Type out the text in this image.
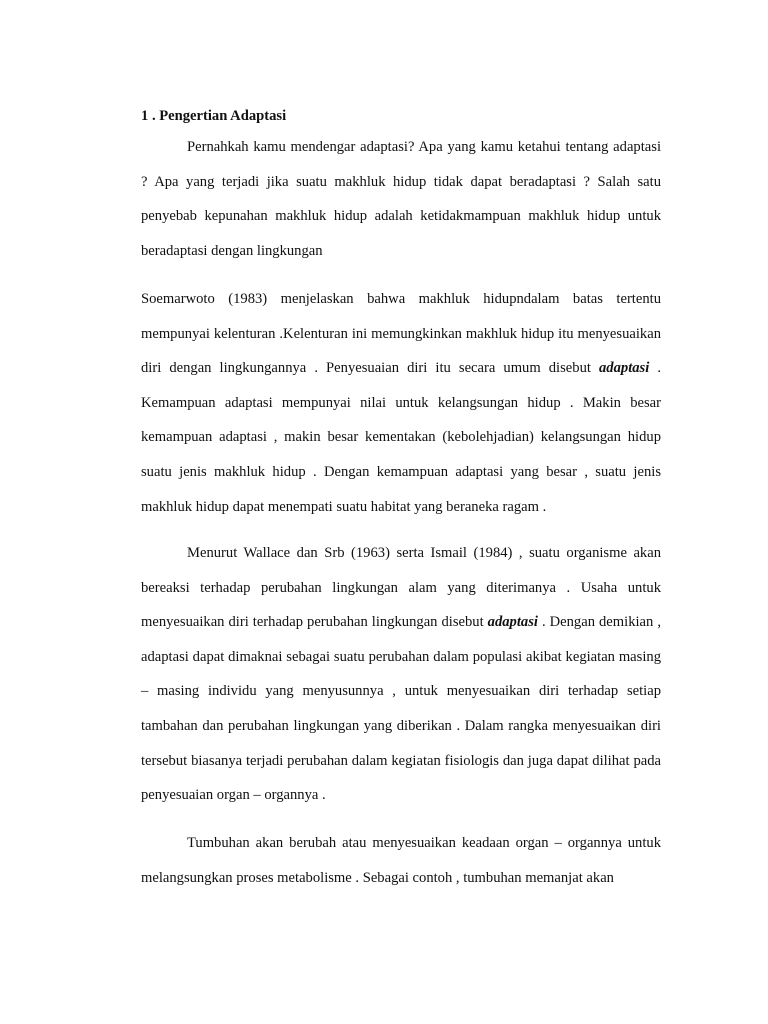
1 . Pengertian Adaptasi

Pernahkah kamu mendengar adaptasi? Apa yang kamu ketahui tentang adaptasi ? Apa yang terjadi jika suatu makhluk hidup tidak dapat beradaptasi ? Salah satu penyebab kepunahan makhluk hidup adalah ketidakmampuan makhluk hidup untuk beradaptasi dengan lingkungan

Soemarwoto (1983) menjelaskan bahwa makhluk hidupndalam batas tertentu mempunyai kelenturan .Kelenturan ini memungkinkan makhluk hidup itu menyesuaikan diri dengan lingkungannya . Penyesuaian diri itu secara umum disebut adaptasi . Kemampuan adaptasi mempunyai nilai untuk kelangsungan hidup . Makin besar kemampuan adaptasi , makin besar kementakan (kebolehjadian) kelangsungan hidup suatu jenis makhluk hidup . Dengan kemampuan adaptasi yang besar , suatu jenis makhluk hidup dapat menempati suatu habitat yang beraneka ragam .

Menurut Wallace dan Srb (1963) serta Ismail (1984) , suatu organisme akan bereaksi terhadap perubahan lingkungan alam yang diterimanya . Usaha untuk menyesuaikan diri terhadap perubahan lingkungan disebut adaptasi . Dengan demikian , adaptasi dapat dimaknai sebagai suatu perubahan dalam populasi akibat kegiatan masing – masing individu yang menyusunnya , untuk menyesuaikan diri terhadap setiap tambahan dan perubahan lingkungan yang diberikan . Dalam rangka menyesuaikan diri tersebut biasanya terjadi perubahan dalam kegiatan fisiologis dan juga dapat dilihat pada penyesuaian organ – organnya .

Tumbuhan akan berubah atau menyesuaikan keadaan organ – organnya untuk melangsungkan proses metabolisme . Sebagai contoh , tumbuhan memanjat akan
